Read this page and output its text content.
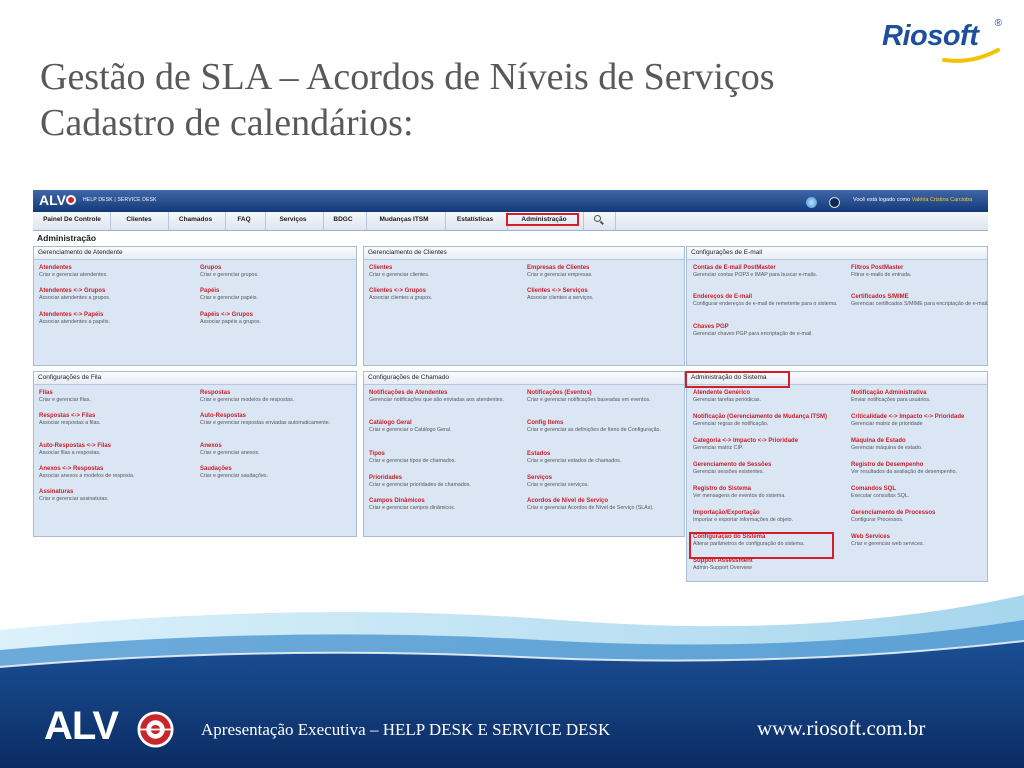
Gestão de SLA – Acordos de Níveis de Serviços
Cadastro de calendários:
Riosoft ®
ALV	HELP DESK | SERVICE DESK
	Você está logado como Valéria Cristina Carcioba
Painel De Controle	Clientes	Chamados	FAQ	Serviços	BDGC	Mudanças ITSM	Estatísticas	Administração
Administração
Gerenciamento de Atendente
Atendentes
Criar e gerenciar atendentes.
Grupos
Criar e gerenciar grupos.
Atendentes <-> Grupos
Associar atendentes a grupos.
Papéis
Criar e gerenciar papéis.
Atendentes <-> Papéis
Associar atendentes a papéis.
Papéis <-> Grupos
Associar papéis a grupos.
Gerenciamento de Clientes
Clientes
Criar e gerenciar clientes.
Empresas de Clientes
Criar e gerenciar empresas.
Clientes <-> Grupos
Associar clientes a grupos.
Clientes <-> Serviços
Associar clientes a serviços.
Configurações de E-mail
Contas de E-mail PostMaster
Gerenciar contas POP3 e IMAP para buscar e-mails.
Filtros PostMaster
Filtrar e-mails de entrada.
Endereços de E-mail
Configurar endereços de e-mail de remetente para o sistema.
Certificados S/MIME
Gerenciar certificados S/MIME para encriptação de e-mail.
Chaves PGP
Gerenciar chaves PGP para encriptação de e-mail.
Configurações de Fila
Filas
Criar e gerenciar filas.
Respostas
Criar e gerenciar modelos de respostas.
Respostas <-> Filas
Associar respostas a filas.
Auto-Respostas
Criar e gerenciar respostas enviadas automaticamente.
Auto-Respostas <-> Filas
Associar filas a respostas.
Anexos
Criar e gerenciar anexos.
Anexos <-> Respostas
Associar anexos a modelos de resposta.
Saudações
Criar e gerenciar saudações.
Assinaturas
Criar e gerenciar assinaturas.
Configurações de Chamado
Notificações de Atendentes
Gerenciar notificações que são enviadas aos atendentes.
Notificações (Eventos)
Criar e gerenciar notificações baseadas em eventos.
Catálogo Geral
Criar e gerenciar o Catálogo Geral.
Config Items
Criar e gerenciar as definições de Itens de Configuração.
Tipos
Criar e gerenciar tipos de chamados.
Estados
Criar e gerenciar estados de chamados.
Prioridades
Criar e gerenciar prioridades de chamados.
Serviços
Criar e gerenciar serviços.
Campos Dinâmicos
Criar e gerenciar campos dinâmicos.
Acordos de Nível de Serviço
Criar e gerenciar Acordos de Nível de Serviço (SLAs).
Administração do Sistema
Atendente Genérico
Gerenciar tarefas periódicas.
Notificação Administrativa
Enviar notificações para usuários.
Notificação (Gerenciamento de Mudança ITSM)
Gerenciar regras de notificação.
Criticalidade <-> Impacto <-> Prioridade
Gerenciar matriz de prioridade
Categoria <-> Impacto <-> Prioridade
Gerenciar matriz CIP.
Máquina de Estado
Gerenciar máquina de estado.
Gerenciamento de Sessões
Gerenciar sessões existentes.
Registro de Desempenho
Ver resultados da avaliação de desempenho.
Registro do Sistema
Ver mensagens de eventos do sistema.
Comandos SQL
Executar consultas SQL.
Importação/Exportação
Importar e exportar informações de objeto.
Gerenciamento de Processos
Configurar Processos.
Configuração do Sistema
Alterar parâmetros de configuração do sistema.
Web Services
Criar e gerenciar web services.
Support Assessment
Admin-Support Overview
ALV	Apresentação Executiva – HELP DESK E SERVICE DESK	www.riosoft.com.br
